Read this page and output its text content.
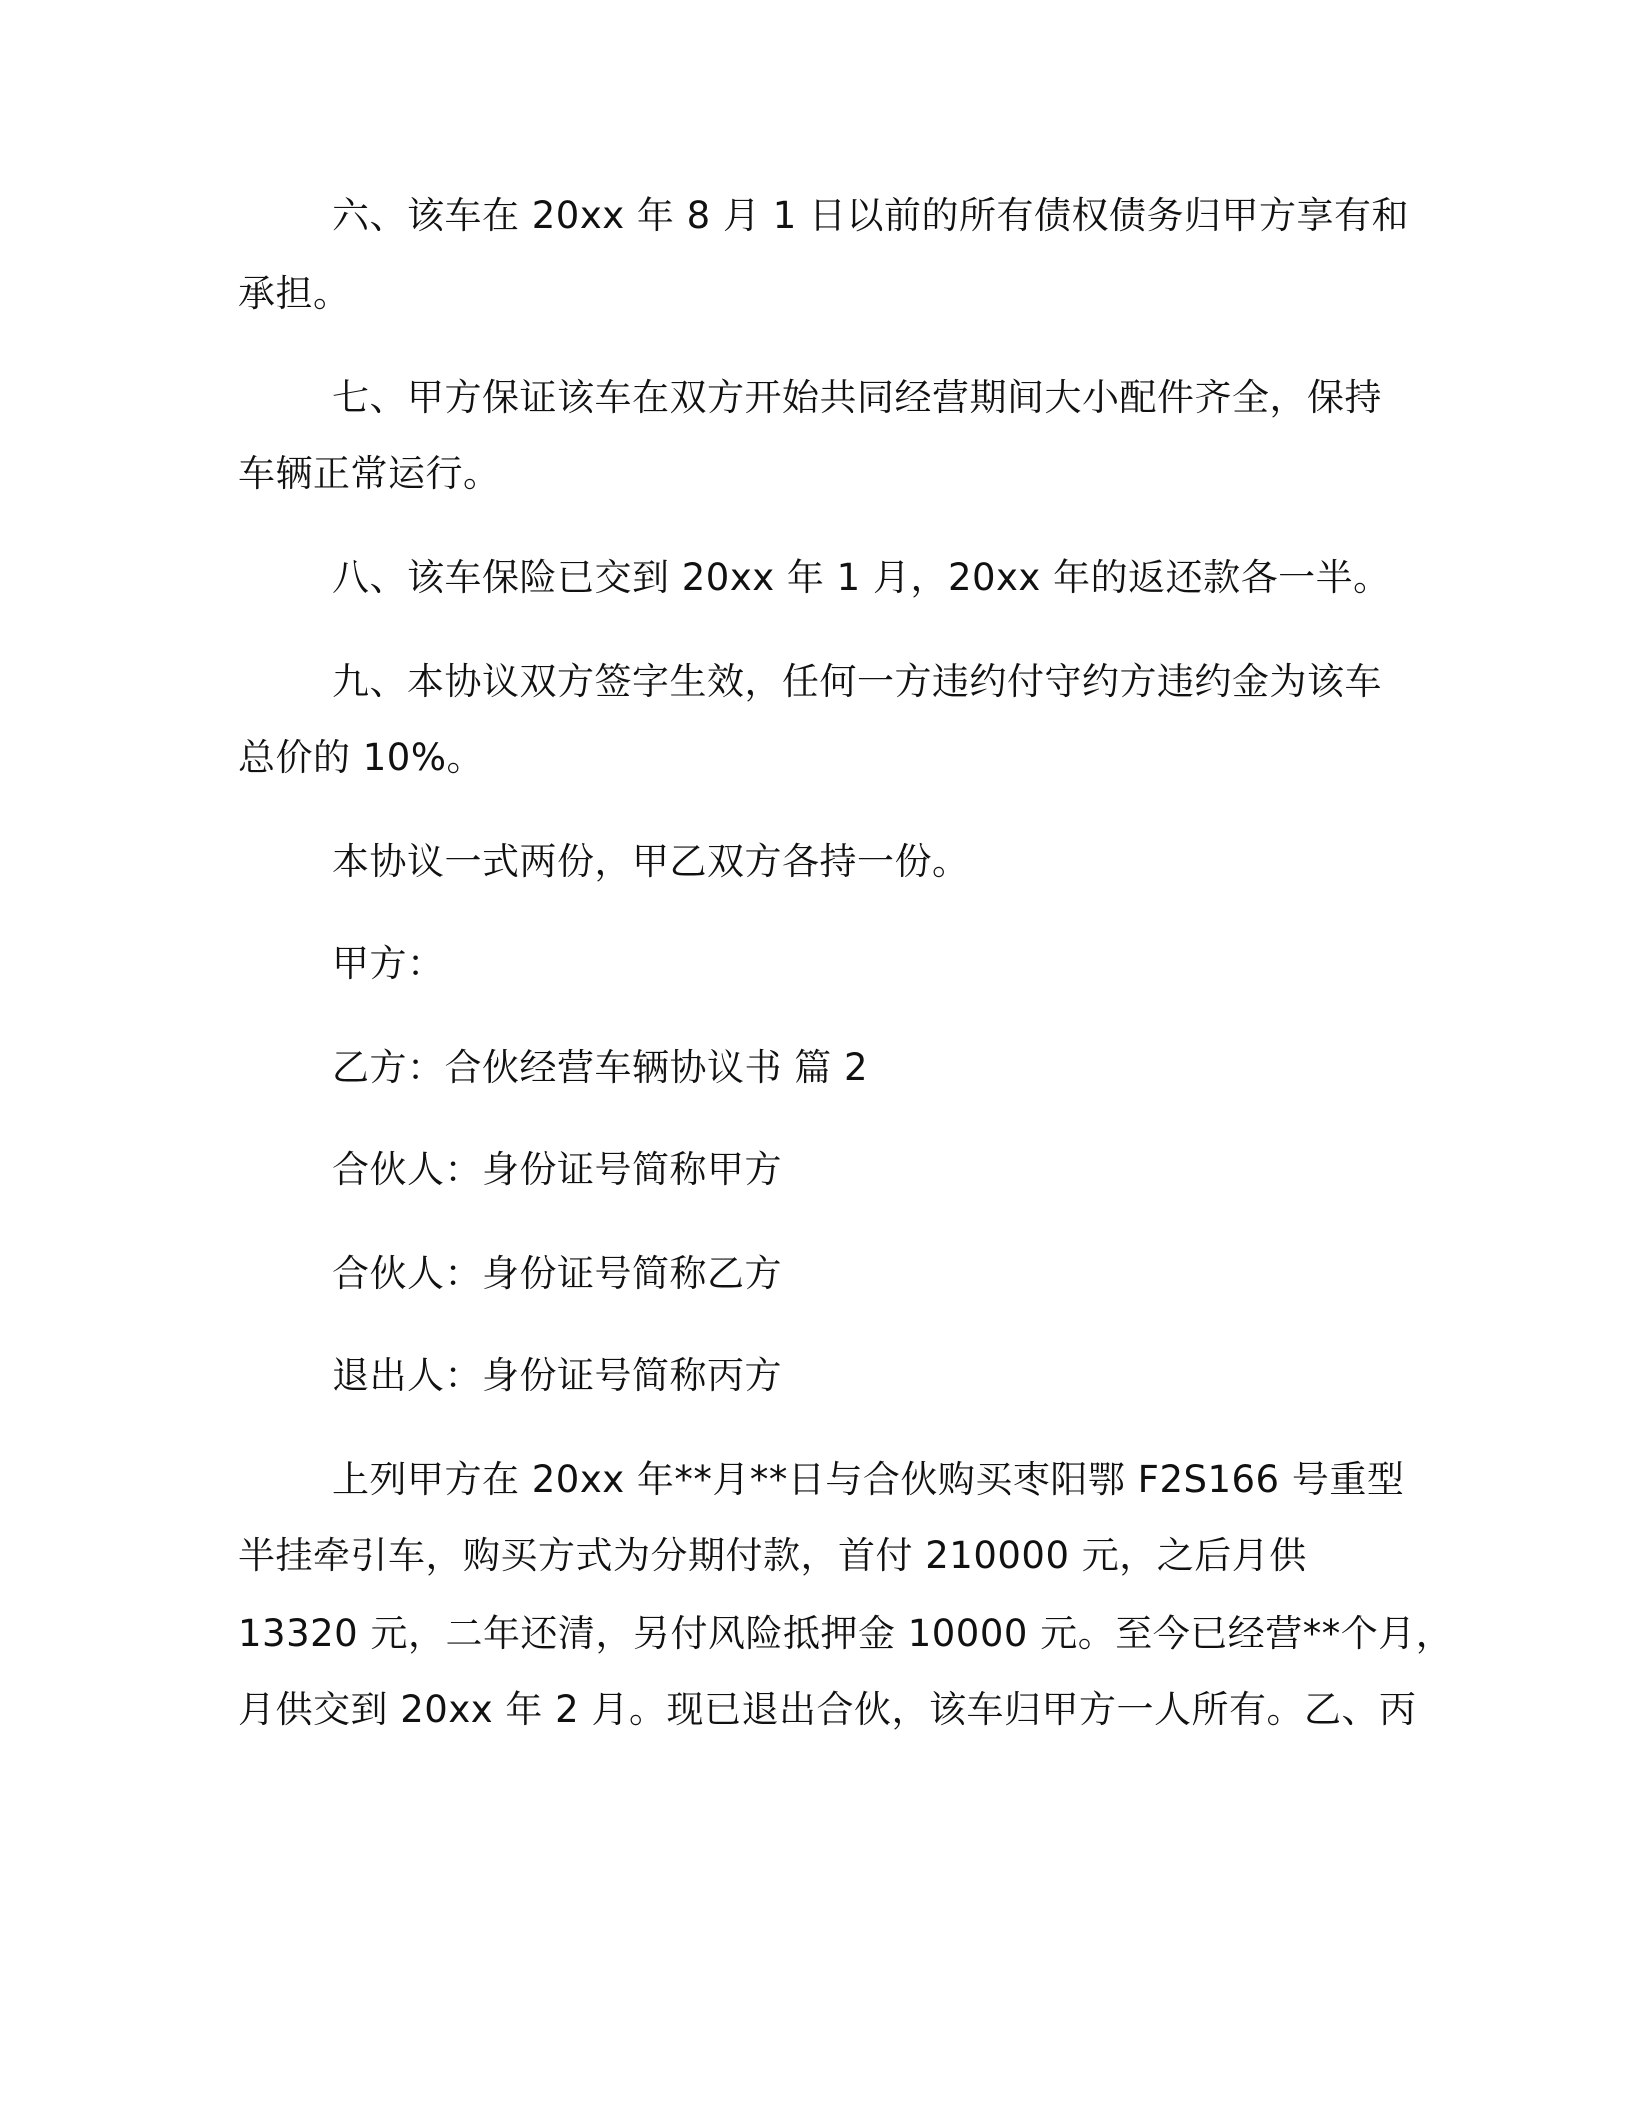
六、该车在 20xx 年 8 月 1 日以前的所有债权债务归甲方享有和
承担。
七、甲方保证该车在双方开始共同经营期间大小配件齐全，保持
车辆正常运行。
八、该车保险已交到 20xx 年 1 月，20xx 年的返还款各一半。
九、本协议双方签字生效，任何一方违约付守约方违约金为该车
总价的 10%。
本协议一式两份，甲乙双方各持一份。
甲方：
乙方：合伙经营车辆协议书 篇 2
合伙人：身份证号简称甲方
合伙人：身份证号简称乙方
退出人：身份证号简称丙方
上列甲方在 20xx 年**月**日与合伙购买枣阳鄂 F2S166 号重型
半挂牵引车，购买方式为分期付款，首付 210000 元，之后月供
13320 元，二年还清，另付风险抵押金 10000 元。至今已经营**个月，
月供交到 20xx 年 2 月。现已退出合伙，该车归甲方一人所有。乙、丙
